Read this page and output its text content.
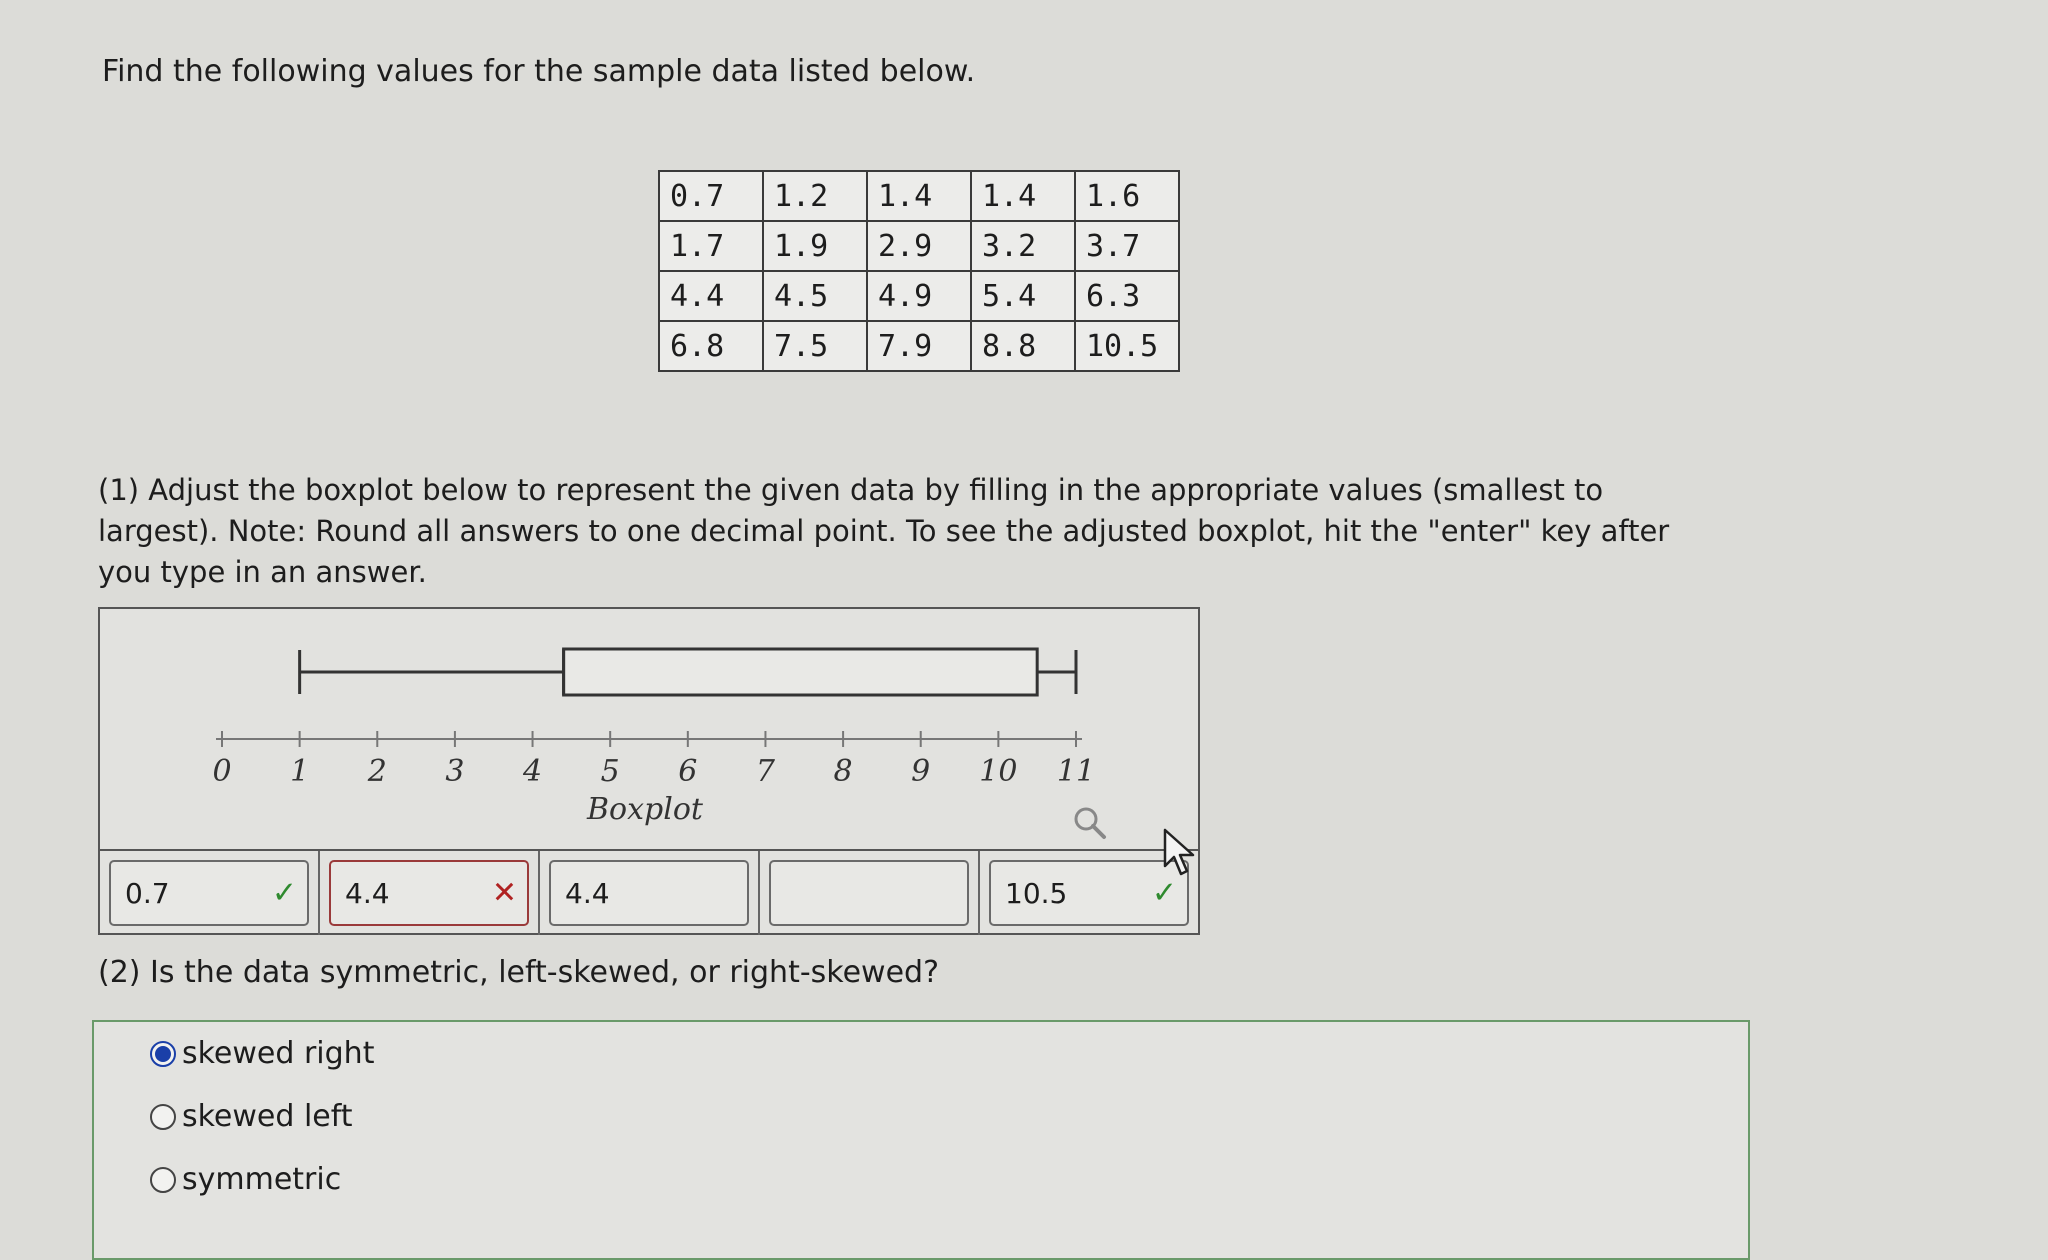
Find the following values for the sample data listed below.
0.7	1.2	1.4	1.4	1.6
1.7	1.9	2.9	3.2	3.7
4.4	4.5	4.9	5.4	6.3
6.8	7.5	7.9	8.8	10.5
(1) Adjust the boxplot below to represent the given data by filling in the appropriate values (smallest to largest). Note: Round all answers to one decimal point. To see the adjusted boxplot, hit the "enter" key after you type in an answer.
0 1 2 3 4 5 6 7 8 9 10 11
Boxplot
0.7	✓ 4.4	✕ 4.4	10.5	✓
(2) Is the data symmetric, left-skewed, or right-skewed?
skewed right
skewed left
symmetric
